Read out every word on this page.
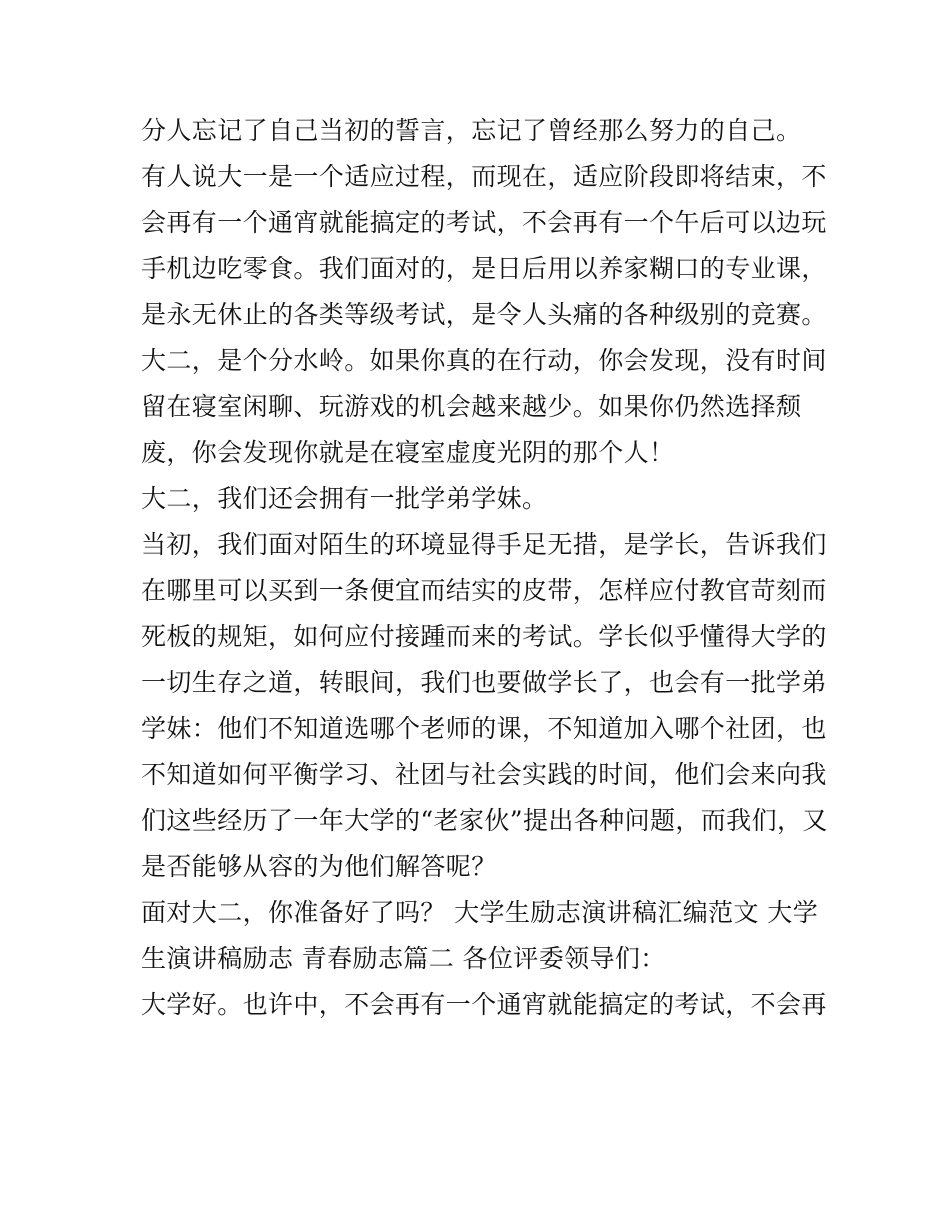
分人忘记了自己当初的誓言，忘记了曾经那么努力的自己。

有人说大一是一个适应过程，而现在，适应阶段即将结束，不
会再有一个通宵就能搞定的考试，不会再有一个午后可以边玩
手机边吃零食。我们面对的，是日后用以养家糊口的专业课，
是永无休止的各类等级考试，是令人头痛的各种级别的竞赛。

大二，是个分水岭。如果你真的在行动，你会发现，没有时间
留在寝室闲聊、玩游戏的机会越来越少。如果你仍然选择颓
废，你会发现你就是在寝室虚度光阴的那个人！

大二，我们还会拥有一批学弟学妹。

当初，我们面对陌生的环境显得手足无措，是学长，告诉我们
在哪里可以买到一条便宜而结实的皮带，怎样应付教官苛刻而
死板的规矩，如何应付接踵而来的考试。学长似乎懂得大学的
一切生存之道，转眼间，我们也要做学长了，也会有一批学弟
学妹：他们不知道选哪个老师的课，不知道加入哪个社团，也
不知道如何平衡学习、社团与社会实践的时间，他们会来向我
们这些经历了一年大学的“老家伙”提出各种问题，而我们，又
是否能够从容的为他们解答呢？

面对大二，你准备好了吗？ 大学生励志演讲稿汇编范文 大学
生演讲稿励志 青春励志篇二 各位评委领导们：

大学好。也许中，不会再有一个通宵就能搞定的考试，不会再
